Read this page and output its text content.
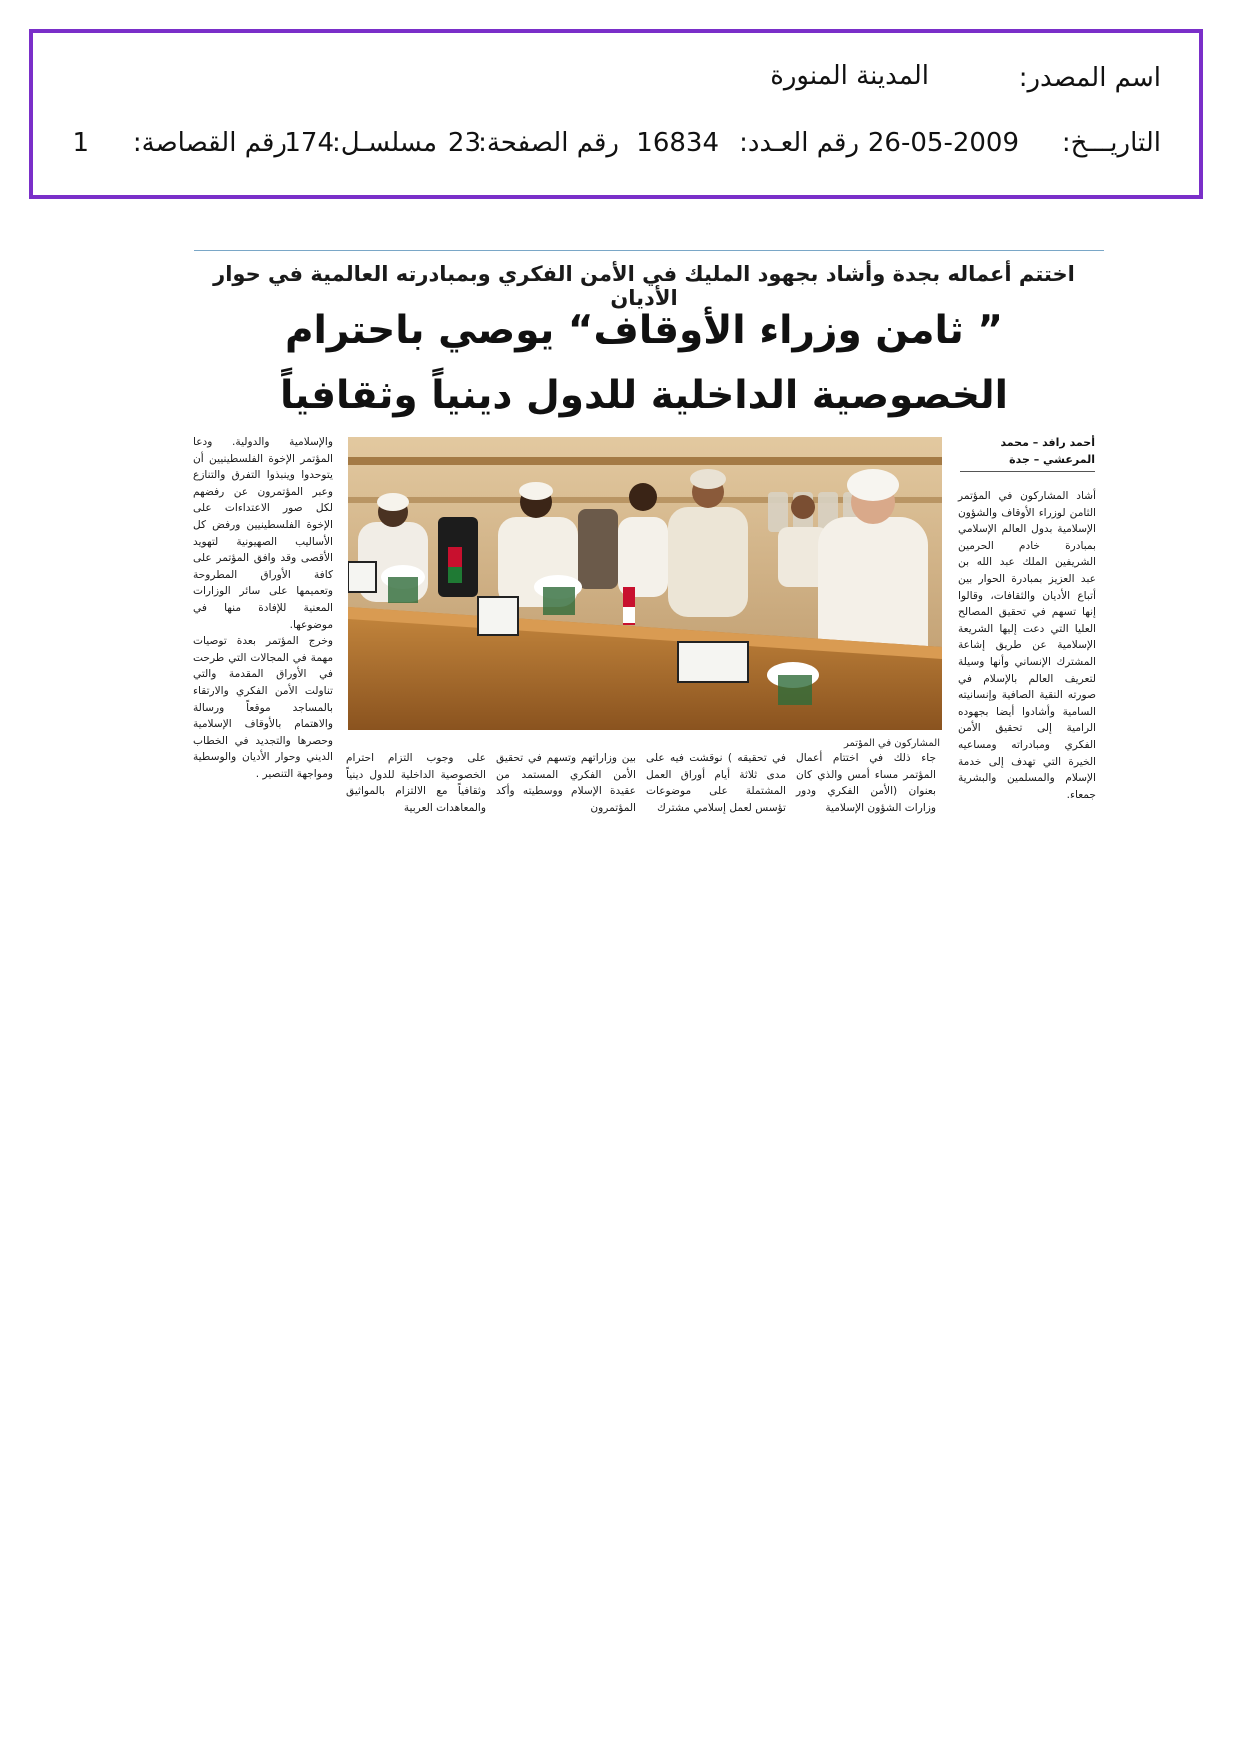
اسم المصدر:
المدينة المنورة
التاريـــخ:
26-05-2009
رقم العـدد:
16834
رقم الصفحة:
23
مسلسـل:
174
رقم القصاصة:
1
اختتم أعماله بجدة وأشاد بجهود المليك في الأمن الفكري وبمبادرته العالمية في حوار الأديان
” ثامن وزراء الأوقاف“ يوصي باحترام
الخصوصية الداخلية للدول دينياً وثقافياً
أحمد رافد – محمد المرعشي – جدة
أشاد المشاركون في المؤتمر الثامن لوزراء الأوقاف والشؤون الإسلامية بدول العالم الإسلامي بمبادرة خادم الحرمين الشريفين الملك عبد الله بن عبد العزيز بمبادرة الحوار بين أتباع الأديان والثقافات، وقالوا إنها تسهم في تحقيق المصالح العليا التي دعت إليها الشريعة الإسلامية عن طريق إشاعة المشترك الإنساني وأنها وسيلة لتعريف العالم بالإسلام في صورته النقية الصافية وإنسانيته السامية وأشادوا أيضا بجهوده الرامية إلى تحقيق الأمن الفكري ومبادراته ومساعيه الخيرة التي تهدف إلى خدمة الإسلام والمسلمين والبشرية جمعاء.
المشاركون في المؤتمر
جاء ذلك في اختتام أعمال المؤتمر مساء أمس والذي كان بعنوان (الأمن الفكري ودور وزارات الشؤون الإسلامية
في تحقيقه ) نوقشت فيه على مدى ثلاثة أيام أوراق العمل المشتملة على موضوعات تؤسس لعمل إسلامي مشترك
بين وزاراتهم وتسهم في تحقيق الأمن الفكري المستمد من عقيدة الإسلام ووسطيته وأكد المؤتمرون
على وجوب التزام احترام الخصوصية الداخلية للدول دينياً وثقافياً مع الالتزام بالمواثيق والمعاهدات العربية
والإسلامية والدولية. ودعا المؤتمر الإخوة الفلسطينيين أن يتوحدوا وينبذوا التفرق والتنازع وعبر المؤتمرون عن رفضهم لكل صور الاعتداءات على الإخوة الفلسطينيين ورفض كل الأساليب الصهيونية لتهويد الأقصى وقد وافق المؤتمر على كافة الأوراق المطروحة وتعميمها على سائر الوزارات المعنية للإفادة منها في موضوعها.
وخرج المؤتمر بعدة توصيات مهمة في المجالات التي طرحت في الأوراق المقدمة والتي تناولت الأمن الفكري والارتقاء بالمساجد موقعاً ورسالة والاهتمام بالأوقاف الإسلامية وحصرها والتجديد في الخطاب الديني وحوار الأديان والوسطية ومواجهة التنصير .
